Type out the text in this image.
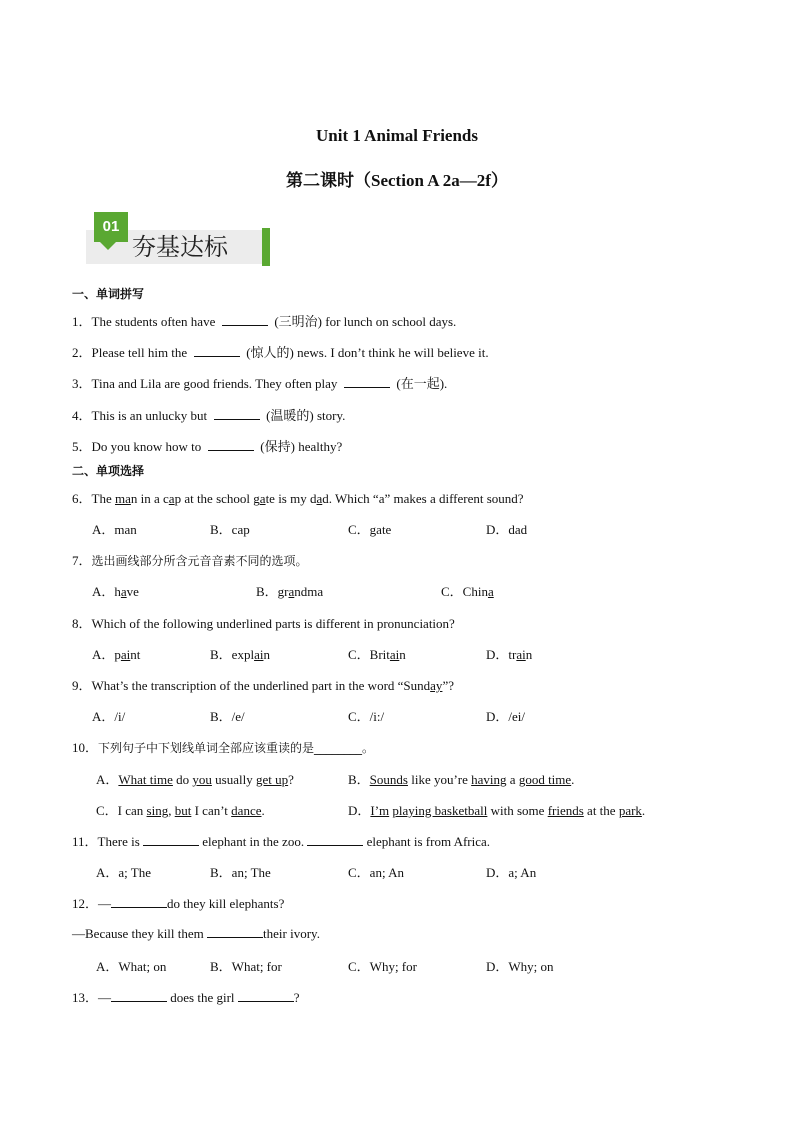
Unit 1 Animal Friends
第二课时（Section A 2a—2f）
01
夯基达标
一、单词拼写
1．The students often have	(三明治) for lunch on school days.
2．Please tell him the	(惊人的) news. I don’t think he will believe it.
3．Tina and Lila are good friends. They often play	(在一起).
4．This is an unlucky but	(温暖的) story.
5．Do you know how to	(保持) healthy?
二、单项选择
6．The man in a cap at the school gate is my dad. Which “a” makes a different sound?
A．man	B．cap	C．gate	D．dad
7．选出画线部分所含元音音素不同的选项。
A．have	B．grandma	C．China
8．Which of the following underlined parts is different in pronunciation?
A．paint	B．explain	C．Britain	D．train
9．What’s the transcription of the underlined part in the word “Sunday”?
A．/i/	B．/e/	C．/i:/	D．/ei/
10．下列句子中下划线单词全部应该重读的是________。
A．What time do you usually get up?	B．Sounds like you’re having a good time.
C．I can sing, but I can’t dance.	D．I’m playing basketball with some friends at the park.
11．There is	elephant in the zoo.	elephant is from Africa.
A．a; The	B．an; The	C．an; An	D．a; An
12．—	do they kill elephants?
—Because they kill them	their ivory.
A．What; on	B．What; for	C．Why; for	D．Why; on
13．—	does the girl	?
